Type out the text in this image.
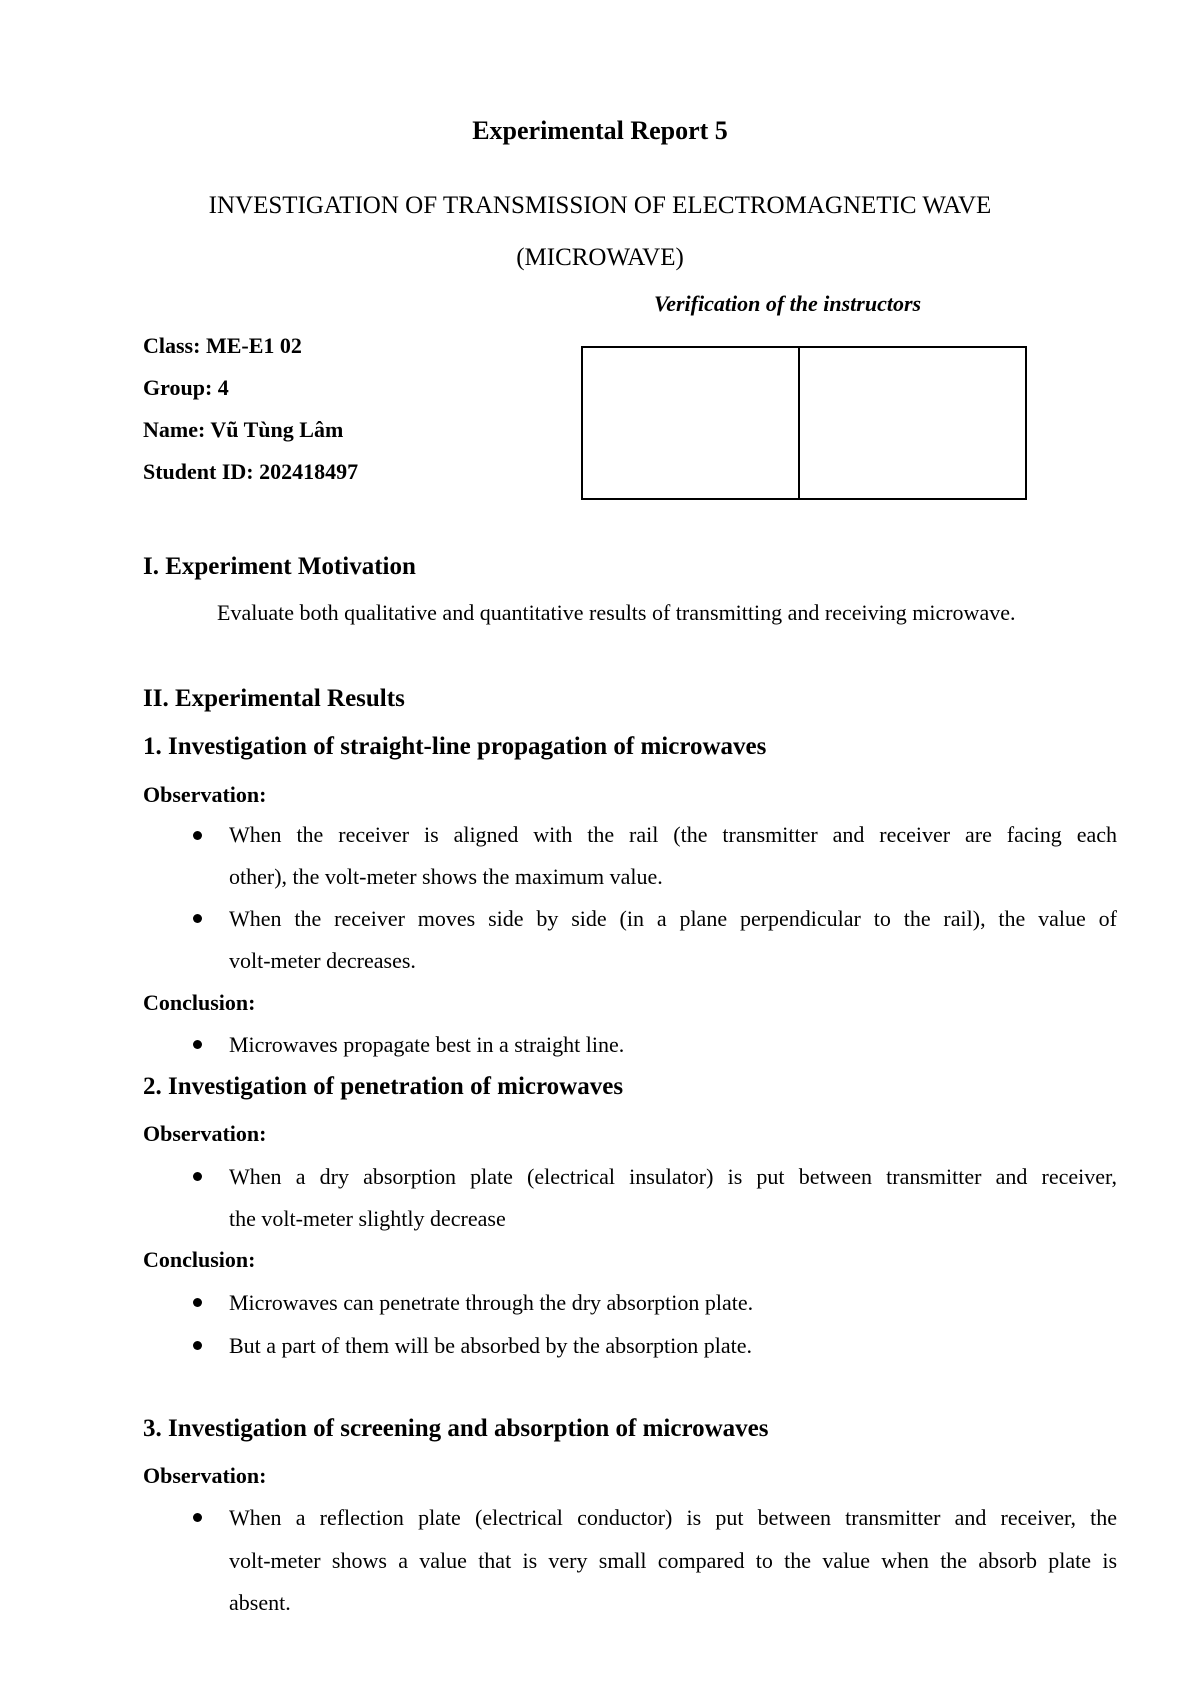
Experimental Report 5
INVESTIGATION OF TRANSMISSION OF ELECTROMAGNETIC WAVE
(MICROWAVE)
Verification of the instructors
Class: ME-E1 02
Group: 4
Name: Vũ Tùng Lâm
Student ID: 202418497
I. Experiment Motivation
Evaluate both qualitative and quantitative results of transmitting and receiving microwave.
II. Experimental Results
1. Investigation of straight-line propagation of microwaves
Observation:
When the receiver is aligned with the rail (the transmitter and receiver are facing each
other), the volt-meter shows the maximum value.
When the receiver moves side by side (in a plane perpendicular to the rail), the value of
volt-meter decreases.
Conclusion:
Microwaves propagate best in a straight line.
2. Investigation of penetration of microwaves
Observation:
When a dry absorption plate (electrical insulator) is put between transmitter and receiver,
the volt-meter slightly decrease
Conclusion:
Microwaves can penetrate through the dry absorption plate.
But a part of them will be absorbed by the absorption plate.
3. Investigation of screening and absorption of microwaves
Observation:
When a reflection plate (electrical conductor) is put between transmitter and receiver, the
volt-meter shows a value that is very small compared to the value when the absorb plate is
absent.
